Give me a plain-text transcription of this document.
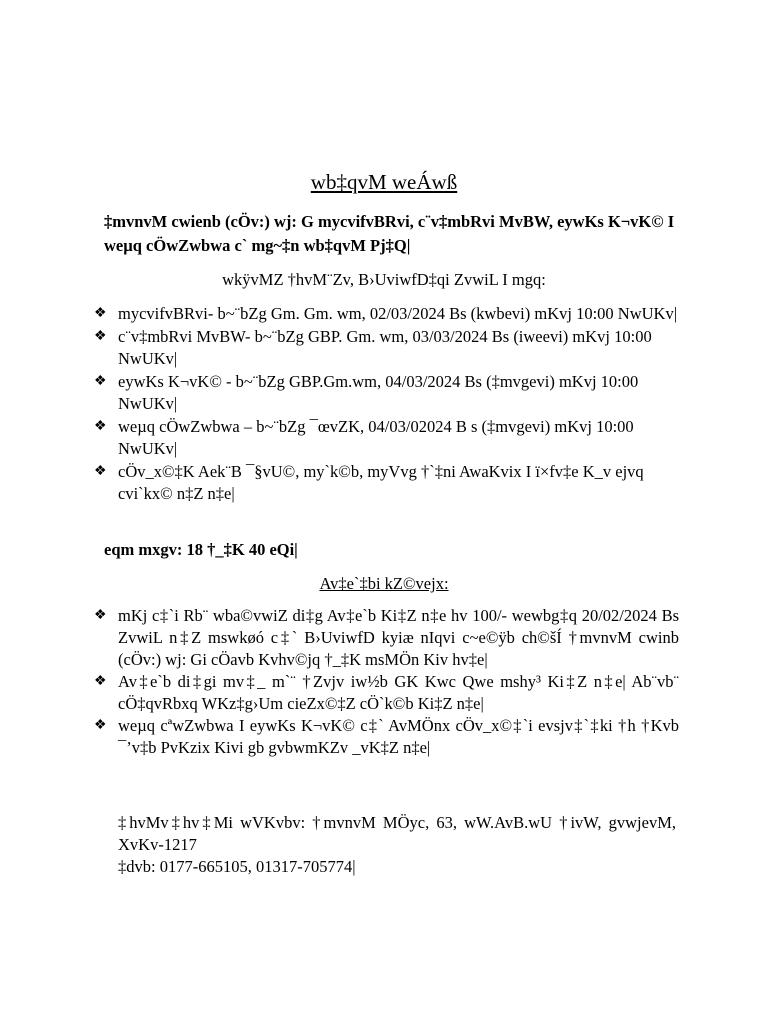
wb‡qvM weÁwß
‡mvnvM cwienb (cÖv:) wj: G mycvifvBRvi, c¨v‡mbRvi MvBW, eywKs K¬vK© I weµq cÖwZwbwa c` mg~‡n wb‡qvM Pj‡Q|
wkÿvMZ †hvM¨Zv, B›UviwfD‡qi ZvwiL I mgq:
❖ mycvifvBRvi- b~¨bZg Gm. Gm. wm, 02/03/2024 Bs (kwbevi) mKvj 10:00 NwUKv|
❖ c¨v‡mbRvi MvBW- b~¨bZg GBP. Gm. wm, 03/03/2024 Bs (iweevi) mKvj 10:00 NwUKv|
❖ eywKs K¬vK© - b~¨bZg GBP.Gm.wm, 04/03/2024 Bs (‡mvgevi) mKvj 10:00 NwUKv|
❖ weµq cÖwZwbwa – b~¨bZg ¯œvZK, 04/03/02024 B s (‡mvgevi) mKvj 10:00 NwUKv|
❖ cÖv_x©‡K Aek¨B ¯§vU©, my`k©b, myVvg †`‡ni AwaKvix I ï×fv‡e K_v ejvq cvi`kx© n‡Z n‡e|
eqm mxgv: 18 †_‡K 40 eQi|
Av‡e`‡bi kZ©vejx:
❖ mKj c‡`i Rb¨ wba©vwiZ di‡g Av‡e`b Ki‡Z n‡e hv 100/- wewbg‡q 20/02/2024 Bs ZvwiL n‡Z mswkøó c‡` B›UviwfD kyiæ nIqvi c~e©ÿb ch©šÍ †mvnvM cwinb (cÖv:) wj: Gi cÖavb Kvhv©jq †_‡K msMÖn Kiv hv‡e|
❖ Av‡e`b di‡gi mv‡_ m`¨ †Zvjv iw½b GK Kwc Qwe mshy³ Ki‡Z n‡e| Ab¨vb¨ cÖ‡qvRbxq WKz‡g›Um cieZx©‡Z cÖ`k©b Ki‡Z n‡e|
❖ weµq cªwZwbwa I eywKs K¬vK© c‡` AvMÖnx cÖv_x©‡`i evsjv‡`‡ki †h †Kvb ¯’v‡b PvKzix Kivi gb gvbwmKZv _vK‡Z n‡e|
‡hvMv‡hv‡Mi wVKvbv: †mvnvM MÖyc, 63, wW.AvB.wU †ivW, gvwjevM, XvKv-1217
‡dvb: 0177-665105, 01317-705774|
